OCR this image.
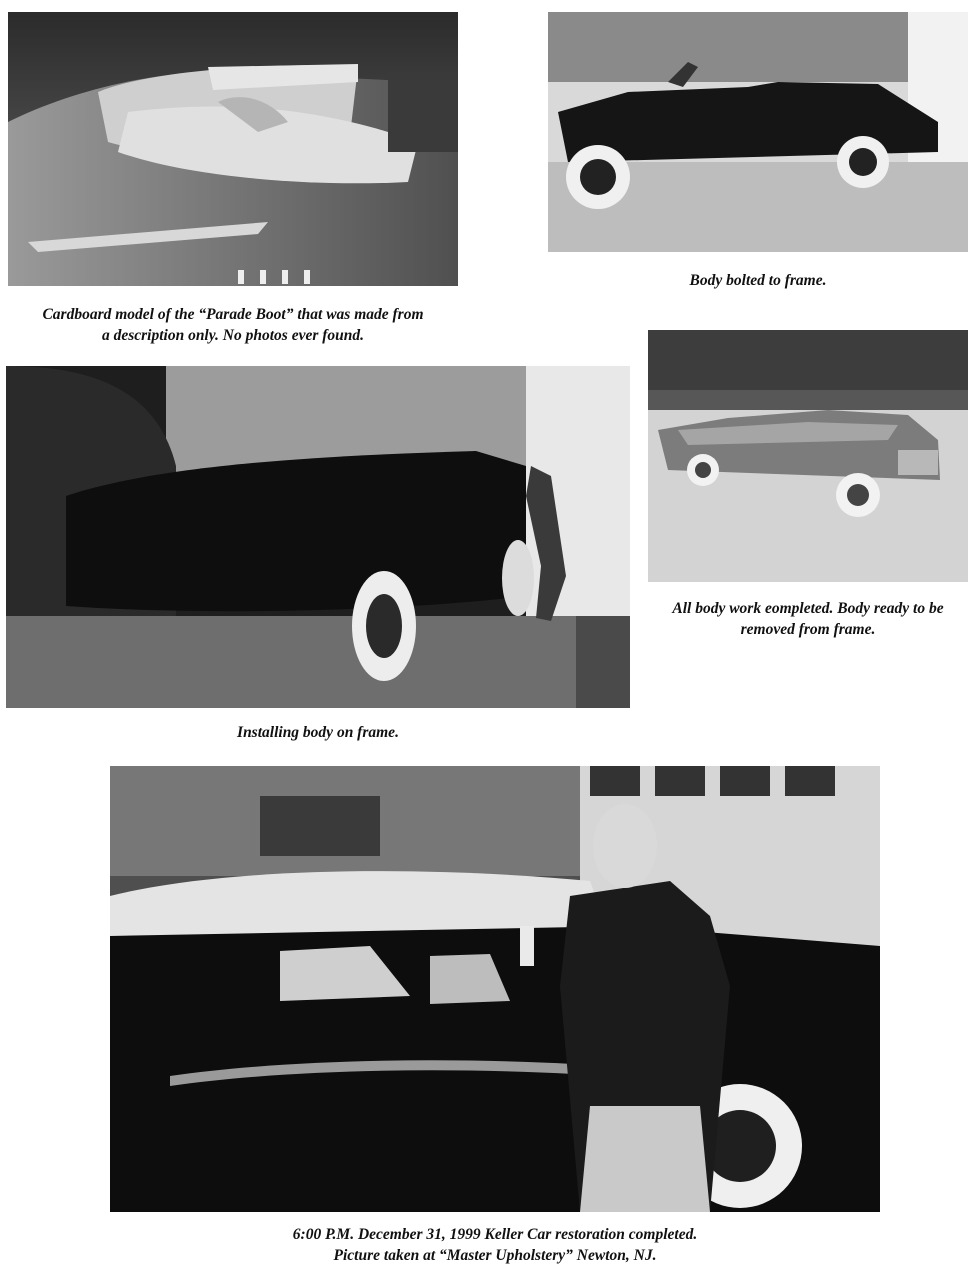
Cardboard model of the “Parade Boot” that was made from
a description only. No photos ever found.
Body bolted to frame.
Installing body on frame.
All body work eompleted. Body ready to be
removed from frame.
6:00 P.M. December 31, 1999 Keller Car restoration completed.
Picture taken at “Master Upholstery” Newton, NJ.
